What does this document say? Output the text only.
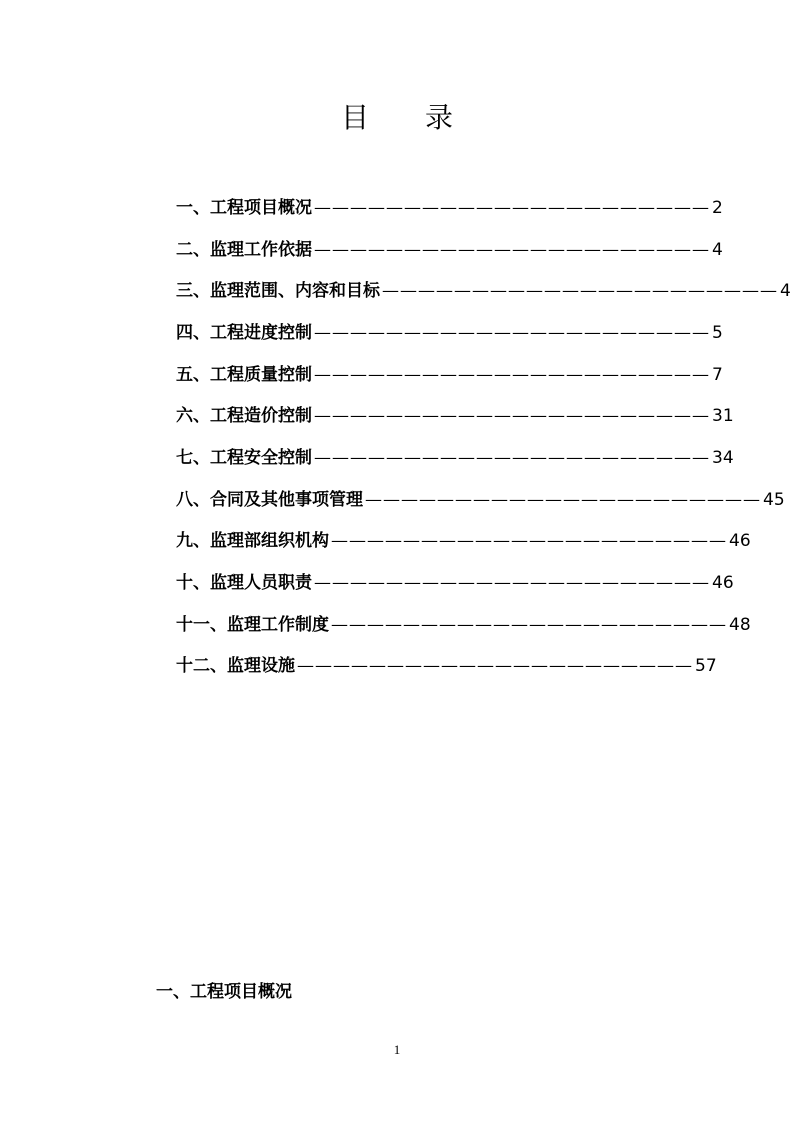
目 录
一、工程项目概况 —————————————————————— 2
二、监理工作依据 —————————————————————— 4
三、监理范围、内容和目标 —————————————————————— 4
四、工程进度控制 —————————————————————— 5
五、工程质量控制 —————————————————————— 7
六、工程造价控制 —————————————————————— 31
七、工程安全控制 —————————————————————— 34
八、合同及其他事项管理 —————————————————————— 45
九、监理部组织机构 —————————————————————— 46
十、监理人员职责 —————————————————————— 46
十一、监理工作制度 —————————————————————— 48
十二、监理设施 —————————————————————— 57
一、工程项目概况
1
